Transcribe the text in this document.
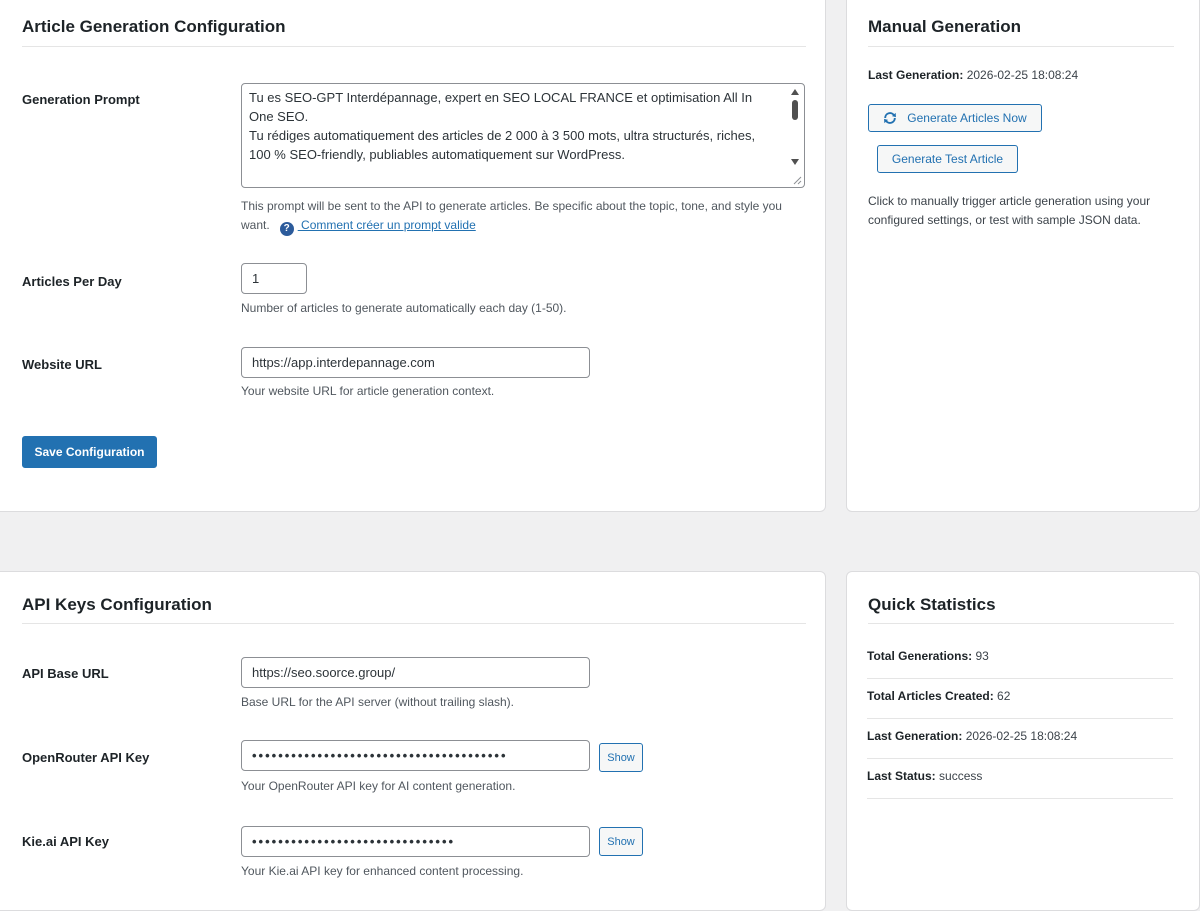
Article Generation Configuration
Generation Prompt	Tu es SEO-GPT Interdépannage, expert en SEO LOCAL FRANCE et optimisation All In One SEO.
Tu rédiges automatiquement des articles de 2 000 à 3 500 mots, ultra structurés, riches, 100 % SEO-friendly, publiables automatiquement sur WordPress.
This prompt will be sent to the API to generate articles. Be specific about the topic, tone, and style you want. ? Comment créer un prompt valide
Articles Per Day	1
Number of articles to generate automatically each day (1-50).
Website URL	https://app.interdepannage.com
Your website URL for article generation context.
Save Configuration
Manual Generation
Last Generation: 2026-02-25 18:08:24
Generate Articles Now
Generate Test Article
Click to manually trigger article generation using your configured settings, or test with sample JSON data.
API Keys Configuration
API Base URL	https://seo.soorce.group/
Base URL for the API server (without trailing slash).
OpenRouter API Key	•••••••••••••••••••••••••••••••••••••••	Show
Your OpenRouter API key for AI content generation.
Kie.ai API Key	•••••••••••••••••••••••••••••••	Show
Your Kie.ai API key for enhanced content processing.
Quick Statistics
Total Generations: 93
Total Articles Created: 62
Last Generation: 2026-02-25 18:08:24
Last Status: success
